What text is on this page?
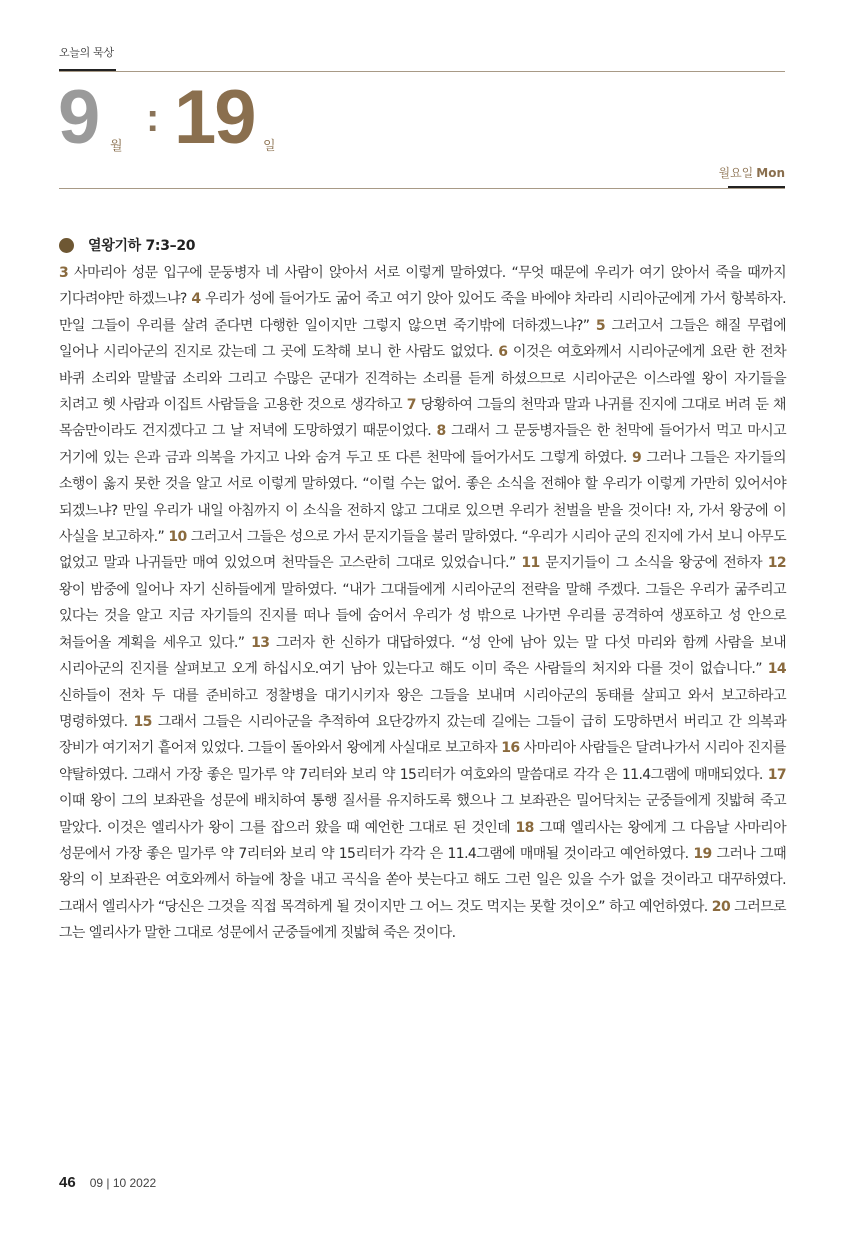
오늘의 묵상
9 월
: 19 일
월요일 Mon
열왕기하 7:3–20
3 사마리아 성문 입구에 문둥병자 네 사람이 앉아서 서로 이렇게 말하였다. “무엇 때문에 우리가 여기 앉아서 죽을 때까지 기다려야만 하겠느냐? 4 우리가 성에 들어가도 굶어 죽고 여기 앉아 있어도 죽을 바에야 차라리 시리아군에게 가서 항복하자. 만일 그들이 우리를 살려 준다면 다행한 일이지만 그렇지 않으면 죽기밖에 더하겠느냐?” 5 그러고서 그들은 해질 무렵에 일어나 시리아군의 진지로 갔는데 그 곳에 도착해 보니 한 사람도 없었다. 6 이것은 여호와께서 시리아군에게 요란 한 전차 바퀴 소리와 말발굽 소리와 그리고 수많은 군대가 진격하는 소리를 듣게 하셨으므로 시리아군은 이스라엘 왕이 자기들을 치려고 헷 사람과 이집트 사람들을 고용한 것으로 생각하고 7 당황하여 그들의 천막과 말과 나귀를 진지에 그대로 버려 둔 채 목숨만이라도 건지겠다고 그 날 저녁에 도망하였기 때문이었다. 8 그래서 그 문둥병자들은 한 천막에 들어가서 먹고 마시고 거기에 있는 은과 금과 의복을 가지고 나와 숨겨 두고 또 다른 천막에 들어가서도 그렇게 하였다. 9 그러나 그들은 자기들의 소행이 옳지 못한 것을 알고 서로 이렇게 말하였다. “이럴 수는 없어. 좋은 소식을 전해야 할 우리가 이렇게 가만히 있어서야 되겠느냐? 만일 우리가 내일 아침까지 이 소식을 전하지 않고 그대로 있으면 우리가 천벌을 받을 것이다! 자, 가서 왕궁에 이 사실을 보고하자.” 10 그러고서 그들은 성으로 가서 문지기들을 불러 말하였다. “우리가 시리아 군의 진지에 가서 보니 아무도 없었고 말과 나귀들만 매여 있었으며 천막들은 고스란히 그대로 있었습니다.” 11 문지기들이 그 소식을 왕궁에 전하자 12 왕이 밤중에 일어나 자기 신하들에게 말하였다. “내가 그대들에게 시리아군의 전략을 말해 주겠다. 그들은 우리가 굶주리고 있다는 것을 알고 지금 자기들의 진지를 떠나 들에 숨어서 우리가 성 밖으로 나가면 우리를 공격하여 생포하고 성 안으로 쳐들어올 계획을 세우고 있다.” 13 그러자 한 신하가 대답하였다. “성 안에 남아 있는 말 다섯 마리와 함께 사람을 보내 시리아군의 진지를 살펴보고 오게 하십시오.여기 남아 있는다고 해도 이미 죽은 사람들의 처지와 다를 것이 없습니다.” 14 신하들이 전차 두 대를 준비하고 정찰병을 대기시키자 왕은 그들을 보내며 시리아군의 동태를 살피고 와서 보고하라고 명령하였다. 15 그래서 그들은 시리아군을 추적하여 요단강까지 갔는데 길에는 그들이 급히 도망하면서 버리고 간 의복과 장비가 여기저기 흩어져 있었다. 그들이 돌아와서 왕에게 사실대로 보고하자 16 사마리아 사람들은 달려나가서 시리아 진지를 약탈하였다. 그래서 가장 좋은 밀가루 약 7리터와 보리 약 15리터가 여호와의 말씀대로 각각 은 11.4그램에 매매되었다. 17 이때 왕이 그의 보좌관을 성문에 배치하여 통행 질서를 유지하도록 했으나 그 보좌관은 밀어닥치는 군중들에게 짓밟혀 죽고 말았다. 이것은 엘리사가 왕이 그를 잡으러 왔을 때 예언한 그대로 된 것인데 18 그때 엘리사는 왕에게 그 다음날 사마리아 성문에서 가장 좋은 밀가루 약 7리터와 보리 약 15리터가 각각 은 11.4그램에 매매될 것이라고 예언하였다. 19 그러나 그때 왕의 이 보좌관은 여호와께서 하늘에 창을 내고 곡식을 쏟아 붓는다고 해도 그런 일은 있을 수가 없을 것이라고 대꾸하였다. 그래서 엘리사가 “당신은 그것을 직접 목격하게 될 것이지만 그 어느 것도 먹지는 못할 것이오” 하고 예언하였다. 20 그러므로 그는 엘리사가 말한 그대로 성문에서 군중들에게 짓밟혀 죽은 것이다.
46 09 | 10 2022
